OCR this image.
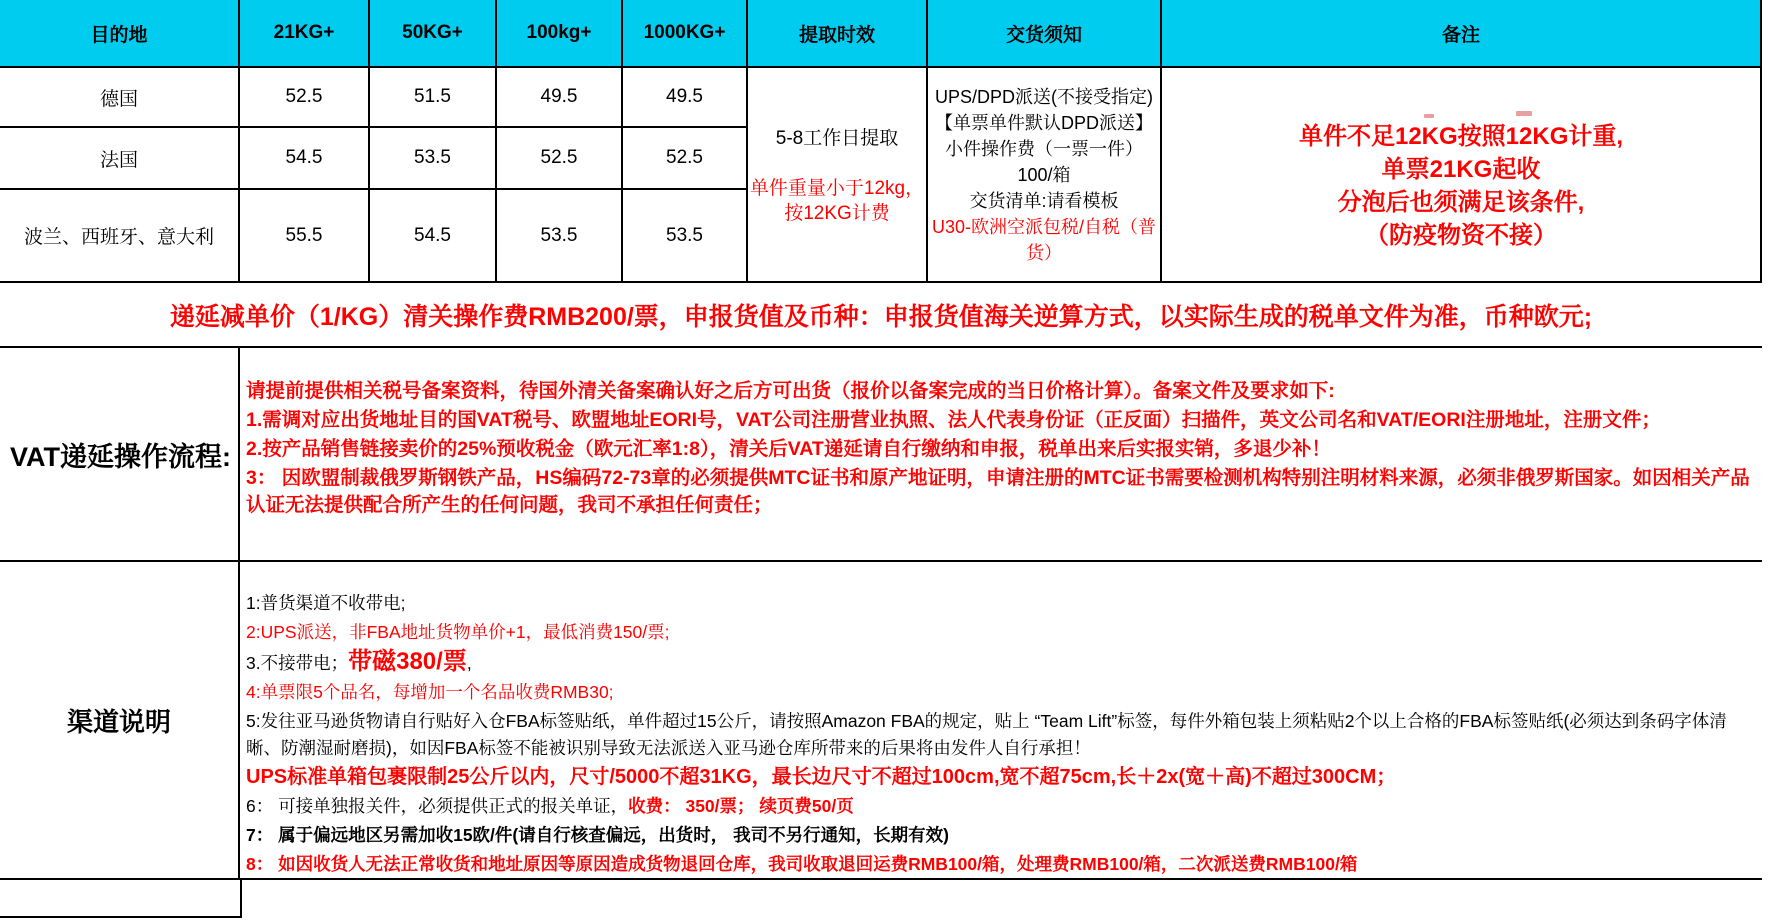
目的地	21KG+	50KG+	100kg+	1000KG+	提取时效	交货须知	备注
德国	52.5	51.5	49.5	49.5
5-8工作日提取
单件重量小于12kg，
按12KG计费
UPS/DPD派送(不接受指定)
【单票单件默认DPD派送】
小件操作费（一票一件） 100/箱
交货清单:请看模板
U30-欧洲空派包税/自税（普货）
单件不足12KG按照12KG计重,
单票21KG起收
分泡后也须满足该条件,
（防疫物资不接）
法国	54.5	53.5	52.5	52.5
波兰、西班牙、意大利	55.5	54.5	53.5	53.5
递延减单价（1/KG）清关操作费RMB200/票，申报货值及币种：申报货值海关逆算方式，以实际生成的税单文件为准，币种欧元;
VAT递延操作流程:
请提前提供相关税号备案资料，待国外清关备案确认好之后方可出货（报价以备案完成的当日价格计算）。备案文件及要求如下:
1.需调对应出货地址目的国VAT税号、欧盟地址EORI号，VAT公司注册营业执照、法人代表身份证（正反面）扫描件，英文公司名和VAT/EORI注册地址，注册文件；
2.按产品销售链接卖价的25%预收税金（欧元汇率1:8），清关后VAT递延请自行缴纳和申报，税单出来后实报实销，多退少补！
3： 因欧盟制裁俄罗斯钢铁产品，HS编码72-73章的必须提供MTC证书和原产地证明，申请注册的MTC证书需要检测机构特别注明材料来源，必须非俄罗斯国家。如因相关产品认证无法提供配合所产生的任何问题，我司不承担任何责任；
渠道说明
1:普货渠道不收带电;
2:UPS派送，非FBA地址货物单价+1，最低消费150/票;
3.不接带电；带磁380/票,
4:单票限5个品名，每增加一个名品收费RMB30;
5:发往亚马逊货物请自行贴好入仓FBA标签贴纸，单件超过15公斤，请按照Amazon FBA的规定，贴上 “Team Lift”标签，每件外箱包装上须粘贴2个以上合格的FBA标签贴纸(必须达到条码字体清晰、防潮湿耐磨损)，如因FBA标签不能被识别导致无法派送入亚马逊仓库所带来的后果将由发件人自行承担！
UPS标准单箱包裹限制25公斤以内，尺寸/5000不超31KG，最长边尺寸不超过100cm,宽不超75cm,长＋2x(宽＋高)不超过300CM；
6： 可接单独报关件，必须提供正式的报关单证，收费： 350/票； 续页费50/页
7： 属于偏远地区另需加收15欧/件(请自行核查偏远，出货时， 我司不另行通知，长期有效)
8： 如因收货人无法正常收货和地址原因等原因造成货物退回仓库，我司收取退回运费RMB100/箱，处理费RMB100/箱，二次派送费RMB100/箱
